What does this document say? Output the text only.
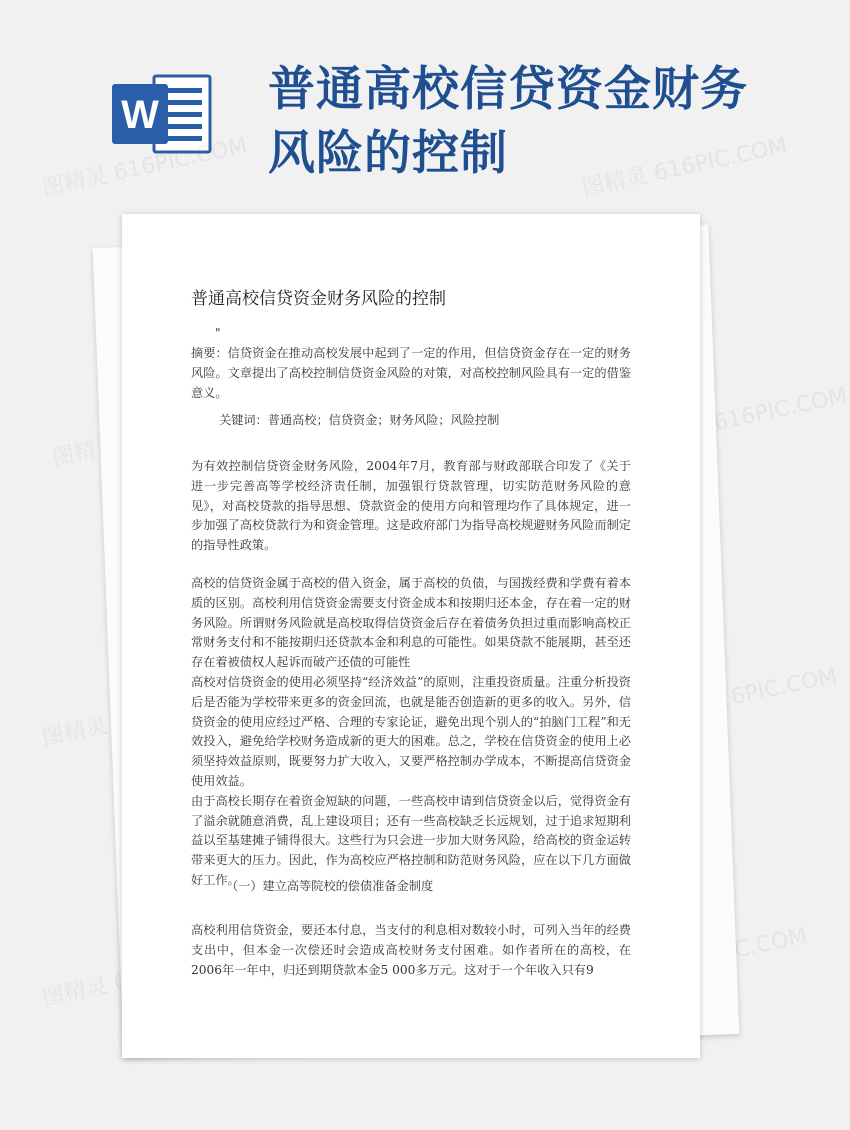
W 普通高校信贷资金财务风险的控制
图精灵 616PIC.COM	图精灵 616PIC.COM
图精灵
图精灵 616PIC.COM
图精灵
图精灵 616PIC.COM
图精灵
616PIC.COM
普通高校信贷资金财务风险的控制
"
摘要：信贷资金在推动高校发展中起到了一定的作用，但信贷资金存在一定的财务风险。文章提出了高校控制信贷资金风险的对策，对高校控制风险具有一定的借鉴意义。
关键词：普通高校；信贷资金；财务风险；风险控制
为有效控制信贷资金财务风险，2004年7月，教育部与财政部联合印发了《关于进一步完善高等学校经济责任制，加强银行贷款管理，切实防范财务风险的意见》，对高校贷款的指导思想、贷款资金的使用方向和管理均作了具体规定，进一步加强了高校贷款行为和资金管理。这是政府部门为指导高校规避财务风险而制定的指导性政策。
高校的信贷资金属于高校的借入资金，属于高校的负债，与国拨经费和学费有着本质的区别。高校利用信贷资金需要支付资金成本和按期归还本金，存在着一定的财务风险。所谓财务风险就是高校取得信贷资金后存在着债务负担过重而影响高校正常财务支付和不能按期归还贷款本金和利息的可能性。如果贷款不能展期，甚至还存在着被债权人起诉而破产还债的可能性
高校对信贷资金的使用必须坚持“经济效益”的原则，注重投资质量。注重分析投资后是否能为学校带来更多的资金回流，也就是能否创造新的更多的收入。另外，信贷资金的使用应经过严格、合理的专家论证，避免出现个别人的“拍脑门工程”和无效投入，避免给学校财务造成新的更大的困难。总之，学校在信贷资金的使用上必须坚持效益原则，既要努力扩大收入，又要严格控制办学成本，不断提高信贷资金使用效益。
由于高校长期存在着资金短缺的问题，一些高校申请到信贷资金以后，觉得资金有了溢余就随意消费，乱上建设项目；还有一些高校缺乏长远规划，过于追求短期利益以至基建摊子铺得很大。这些行为只会进一步加大财务风险，给高校的资金运转带来更大的压力。因此，作为高校应严格控制和防范财务风险，应在以下几方面做好工作。
（一）建立高等院校的偿债准备金制度
高校利用信贷资金，要还本付息，当支付的利息相对数较小时，可列入当年的经费支出中，但本金一次偿还时会造成高校财务支付困难。如作者所在的高校，在2006年一年中，归还到期贷款本金5 000多万元。这对于一个年收入只有9
